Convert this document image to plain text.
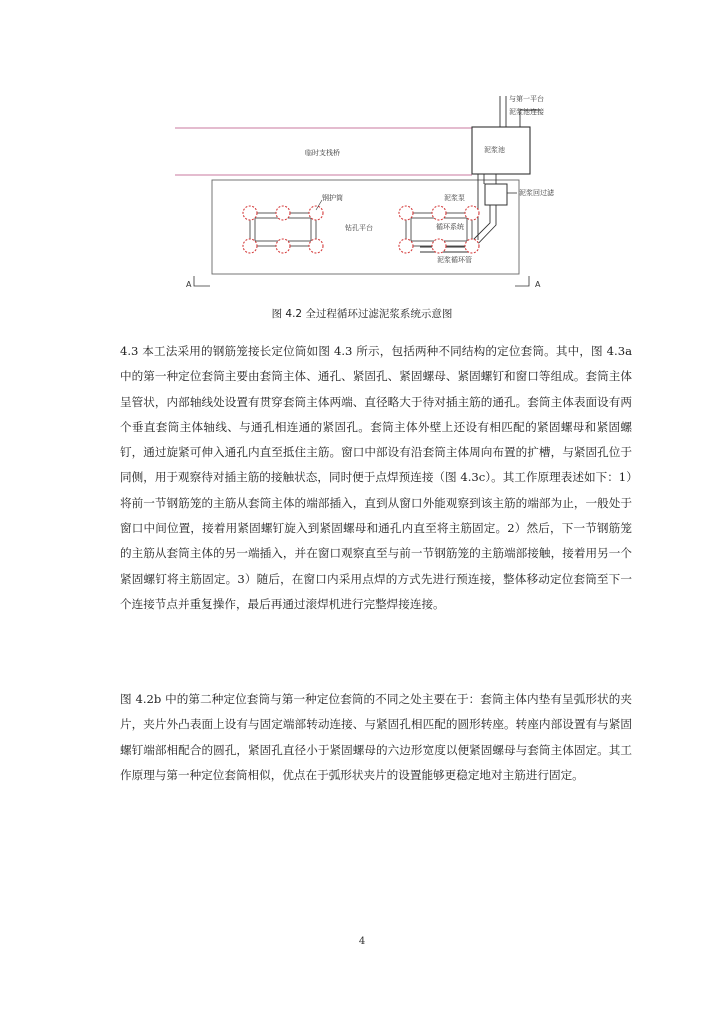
临时支栈桥
钻孔平台
泥浆池
与第一平台
泥浆池连接
泥浆回过滤
泥浆泵
循环系统
泥浆循环管
钢护筒
A	A
图 4.2 全过程循环过滤泥浆系统示意图

4.3 本工法采用的钢筋笼接长定位筒如图 4.3 所示，包括两种不同结构的定位套筒。其中，图 4.3a 中的第一种定位套筒主要由套筒主体、通孔、紧固孔、紧固螺母、紧固螺钉和窗口等组成。套筒主体呈管状，内部轴线处设置有贯穿套筒主体两端、直径略大于待对插主筋的通孔。套筒主体表面设有两个垂直套筒主体轴线、与通孔相连通的紧固孔。套筒主体外壁上还设有相匹配的紧固螺母和紧固螺钉，通过旋紧可伸入通孔内直至抵住主筋。窗口中部设有沿套筒主体周向布置的扩槽，与紧固孔位于同侧，用于观察待对插主筋的接触状态，同时便于点焊预连接（图 4.3c）。其工作原理表述如下：1）将前一节钢筋笼的主筋从套筒主体的端部插入，直到从窗口外能观察到该主筋的端部为止，一般处于窗口中间位置，接着用紧固螺钉旋入到紧固螺母和通孔内直至将主筋固定。2）然后，下一节钢筋笼的主筋从套筒主体的另一端插入，并在窗口观察直至与前一节钢筋笼的主筋端部接触，接着用另一个紧固螺钉将主筋固定。3）随后，在窗口内采用点焊的方式先进行预连接，整体移动定位套筒至下一个连接节点并重复操作，最后再通过滚焊机进行完整焊接连接。

图 4.2b 中的第二种定位套筒与第一种定位套筒的不同之处主要在于：套筒主体内垫有呈弧形状的夹片，夹片外凸表面上设有与固定端部转动连接、与紧固孔相匹配的圆形转座。转座内部设置有与紧固螺钉端部相配合的圆孔，紧固孔直径小于紧固螺母的六边形宽度以便紧固螺母与套筒主体固定。其工作原理与第一种定位套筒相似，优点在于弧形状夹片的设置能够更稳定地对主筋进行固定。

4
